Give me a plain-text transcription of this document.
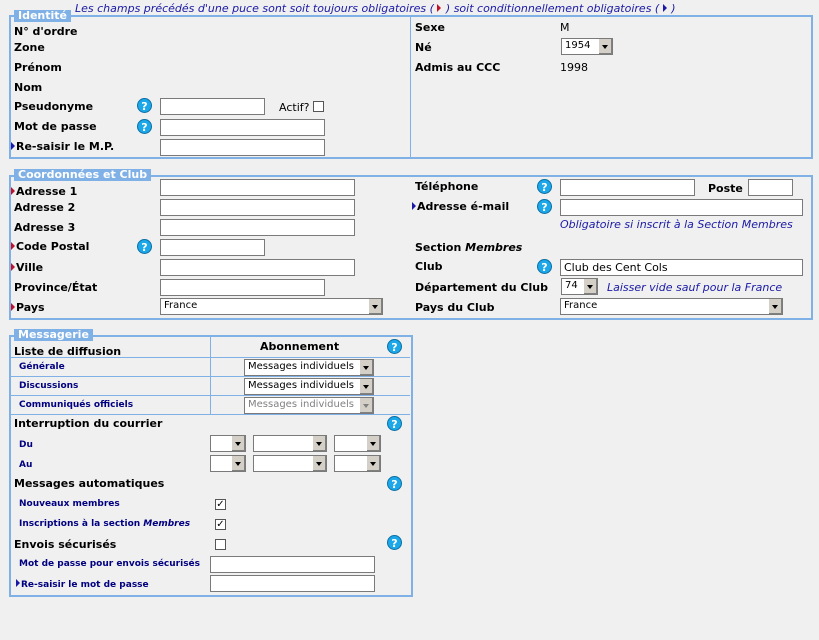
Les champs précédés d'une puce sont soit toujours obligatoires ( ) soit conditionnellement obligatoires ( )
Identité
N° d'ordre
Zone
Prénom
Nom
Pseudonyme	?	Actif?
Mot de passe	?
Re-saisir le M.P.
Sexe	M
Né	1954
Admis au CCC	1998
Coordonnées et Club
Adresse 1
Adresse 2
Adresse 3
Code Postal	?
Ville
Province/État
Pays	France
Téléphone	?	Poste
Adresse é-mail	?
Obligatoire si inscrit à la Section Membres
Section Membres
Club	?	Club des Cent Cols
Département du Club	74	Laisser vide sauf pour la France
Pays du Club	France
Messagerie
Liste de diffusion	Abonnement	?
Générale	Messages individuels
Discussions	Messages individuels
Communiqués officiels	Messages individuels
Interruption du courrier	?
Du
Au
Messages automatiques	?
Nouveaux membres	✓
Inscriptions à la section Membres	✓
Envois sécurisés	?
Mot de passe pour envois sécurisés
Re-saisir le mot de passe
